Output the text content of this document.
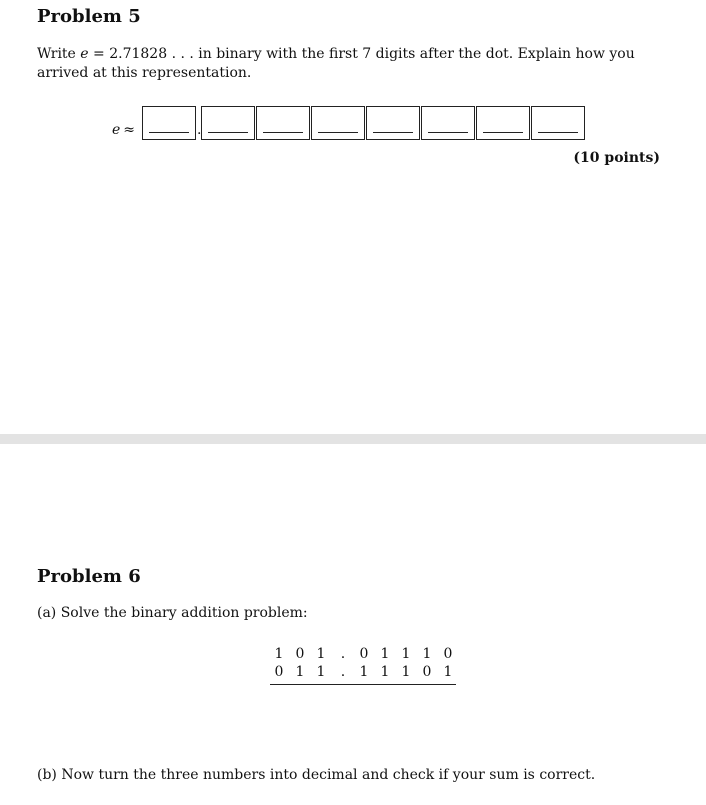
Problem 5
Write e = 2.71828 . . . in binary with the first 7 digits after the dot. Explain how you arrived at this representation.
e ≈	.
(10 points)
Problem 6
(a) Solve the binary addition problem:
1 0 1	.	0 1 1 1 0
0 1 1	.	1 1 1 0 1
(b) Now turn the three numbers into decimal and check if your sum is correct.
